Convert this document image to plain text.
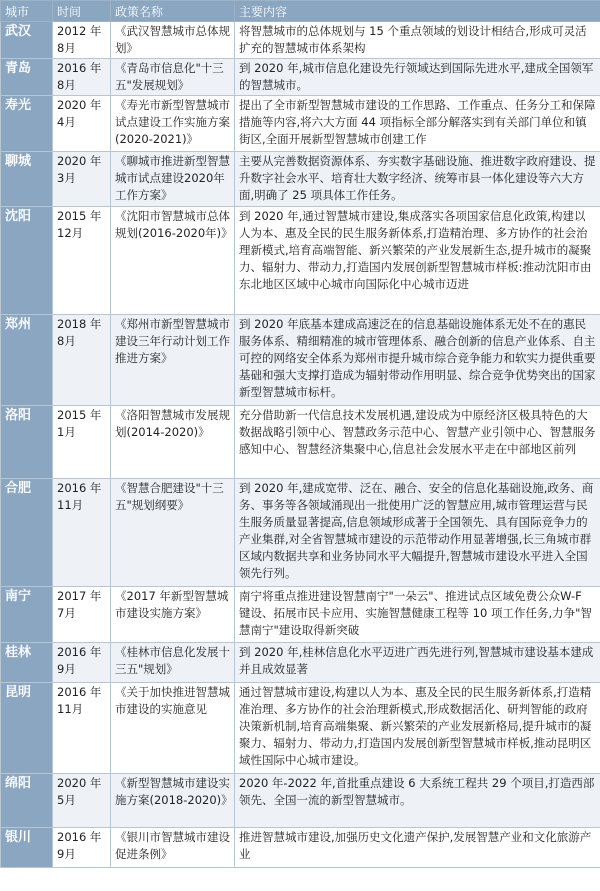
城市	时间	政策名称	主要内容
武汉	2012 年8月	《武汉智慧城市总体规划》	将智慧城市的总体规划与 15 个重点领域的划设计相结合,形成可灵活扩充的智慧城市体系架构
青岛	2016 年8月	《青岛市信息化"十三五"发展规划》	到 2020 年,城市信息化建设先行领域达到国际先进水平,建成全国领军的智慧城市。
寿光	2020 年4月	《寿光市新型智慧城市试点建设工作实施方案(2020-2021)》	提出了全市新型智慧城市建设的工作思路、工作重点、任务分工和保障措施等内容,将六大方面 44 项指标全部分解落实到有关部门单位和镇街区,全面开展新型智慧城市创建工作
聊城	2020 年3月	《聊城市推进新型智慧城市试点建设2020年工作方案》	主要从完善数据资源体系、夯实数字基础设施、推进数字政府建设、提升数字社会水平、培育壮大数字经济、统筹市县一体化建设等六大方面,明确了 25 项具体工作任务。
沈阳	2015 年12月	《沈阳市智慧城市总体规划(2016-2020年)》	到 2020 年,通过智慧城市建设,集成落实各项国家信息化政策,构建以人为本、惠及全民的民生服务新体系,打造精治理、多方协作的社会治理新模式,培育高端智能、新兴繁荣的产业发展新生态,提升城市的凝聚力、辐射力、带动力,打造国内发展创新型智慧城市样板:推动沈阳市由东北地区区域中心城市向国际化中心城市迈进
郑州	2018 年8月	《郑州市新型智慧城市建设三年行动计划工作推进方案》	到 2020 年底基本建成高速泛在的信息基础设施体系无处不在的惠民服务体系、精细精准的城市管理体系、融合创新的信息产业体系、自主可控的网络安全体系为郑州市提升城市综合竞争能力和软实力提供重要基础和强大支撑打造成为辐射带动作用明显、综合竞争优势突出的国家新型智慧城市标杆。
洛阳	2015 年1月	《洛阳智慧城市发展规划(2014-2020)》	充分借助新一代信息技术发展机遇,建设成为中原经济区极具特色的大数据战略引领中心、智慧政务示范中心、智慧产业引领中心、智慧服务感知中心、智慧经济集聚中心,信息社会发展水平走在中部地区前列
合肥	2016 年11月	《智慧合肥建设"十三五"规划纲要》	到 2020 年,建成宽带、泛在、融合、安全的信息化基础设施,政务、商务、事务等各领域涌现出一批使用广泛的智慧应用,城市管理运营与民生服务质量显著提高,信息领域形成著于全国领先、具有国际竞争力的产业集群,对全省智慧城市建设的示范带动作用显著增强,长三角城市群区域内数据共享和业务协同水平大幅提升,智慧城市建设水平进入全国领先行列。
南宁	2017 年7月	《2017 年新型智慧城市建设实施方案》	南宁将重点推进建设智慧南宁"一朵云"、推进试点区域免费公众W-F 键设、拓展市民卡应用、实施智慧健康工程等 10 项工作任务,力争"智慧南宁"建设取得新突破
桂林	2016 年9月	《桂林市信息化发展十三五"规划》	到 2020 年,桂林信息化水平迈进广西先进行列,智慧城市建设基本建成并且成效显著
昆明	2016 年11月	《关于加快推进智慧城市建设的实施意见	通过智慧城市建设,构建以人为本、惠及全民的民生服务新体系,打造精准治理、多方协作的社会治理新模式,形成数据活化、研判智能的政府决策新机制,培育高端集聚、新兴繁荣的产业发展新格局,提升城市的凝聚力、辐射力、带动力,打造国内发展创新型智慧城市样板,推动昆明区域性国际中心城市建设。
绵阳	2020 年5月	《新型智慧城市建设实施方案(2018-2020)》	2020 年-2022 年,首批重点建设 6 大系统工程共 29 个项目,打造西部领先、全国一流的新型智慧城市。
银川	2016 年9月	《银川市智慧城市建设促进条例》	推进智慧城市建设,加强历史文化遗产保护,发展智慧产业和文化旅游产业
